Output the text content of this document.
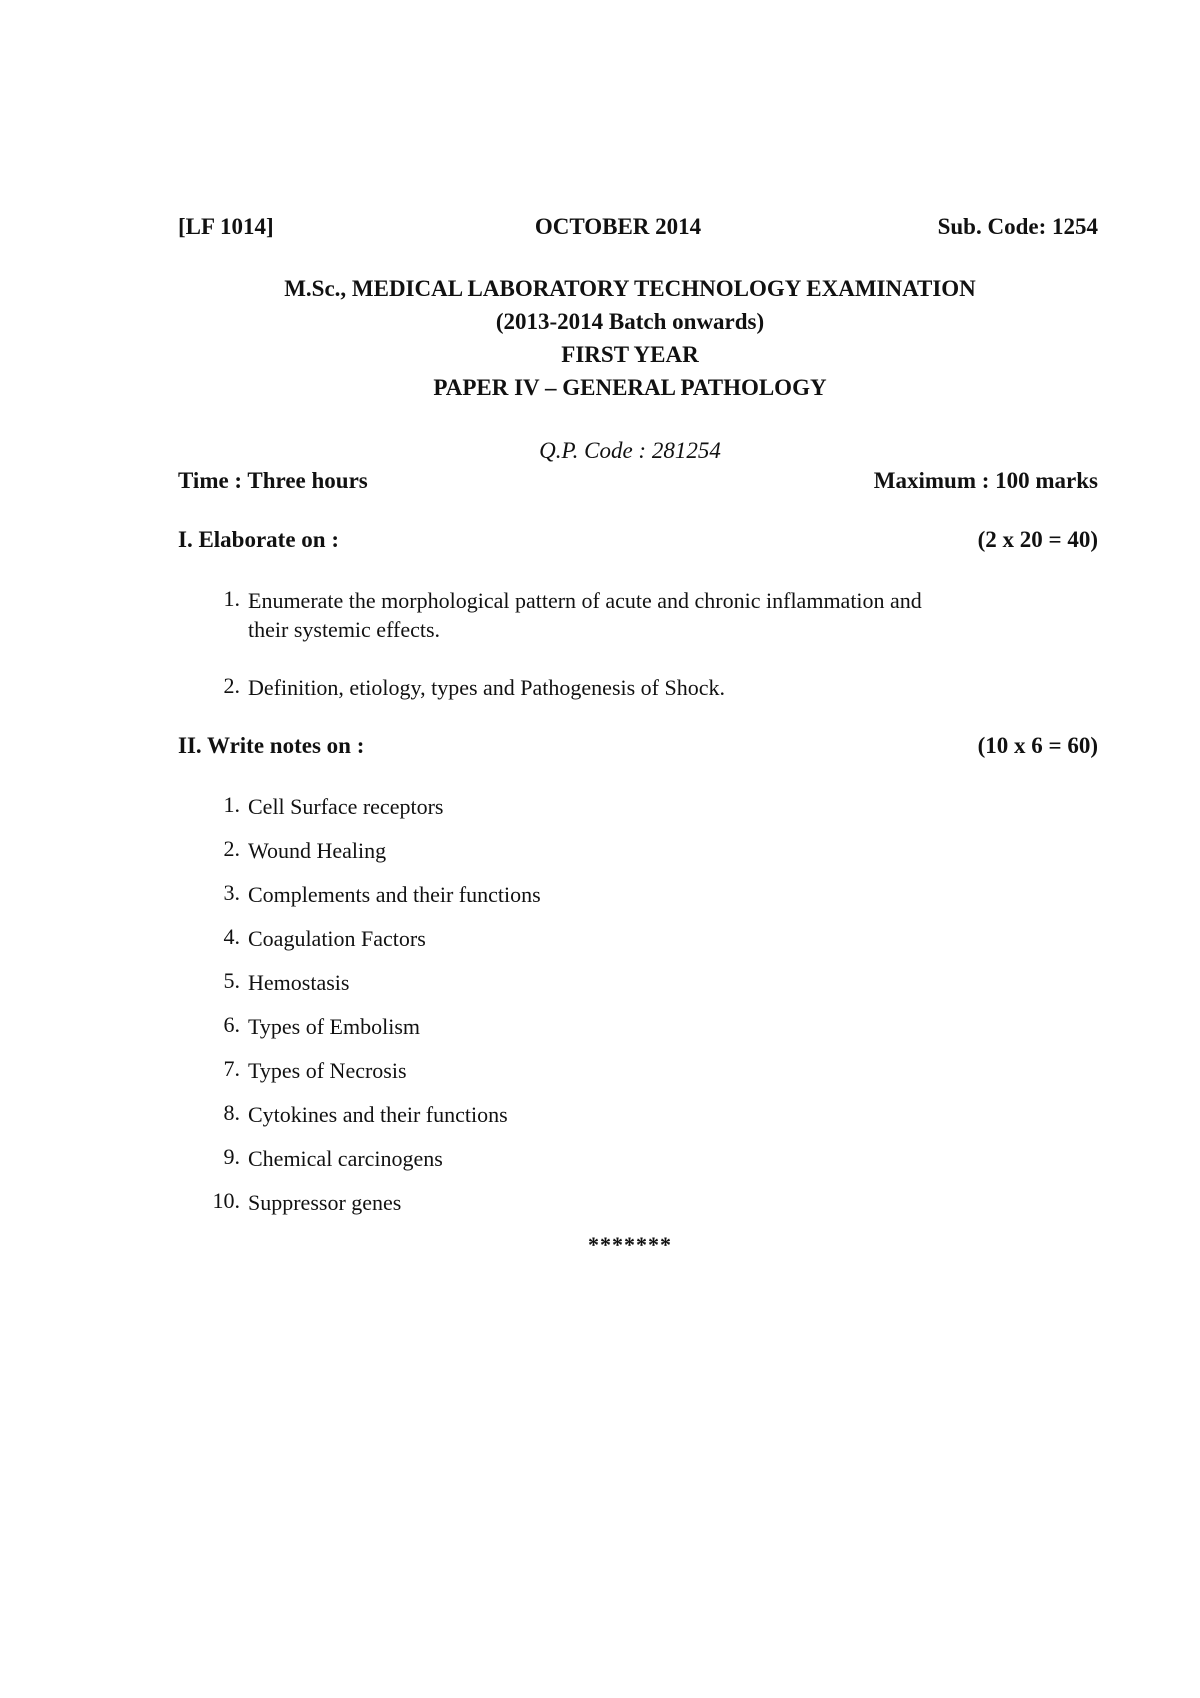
[LF 1014]	OCTOBER 2014	Sub. Code: 1254
M.Sc., MEDICAL LABORATORY TECHNOLOGY EXAMINATION
(2013-2014 Batch onwards)
FIRST YEAR
PAPER IV – GENERAL PATHOLOGY
Q.P. Code : 281254
Time : Three hours	Maximum : 100 marks
I. Elaborate on :	(2 x 20 = 40)
1. Enumerate the morphological pattern of acute and chronic inflammation and their systemic effects.
2. Definition, etiology, types and Pathogenesis of Shock.
II. Write notes on :	(10 x 6 = 60)
1. Cell Surface receptors
2. Wound Healing
3. Complements and their functions
4. Coagulation Factors
5. Hemostasis
6. Types of Embolism
7. Types of Necrosis
8. Cytokines and their functions
9. Chemical carcinogens
10. Suppressor genes
*******
